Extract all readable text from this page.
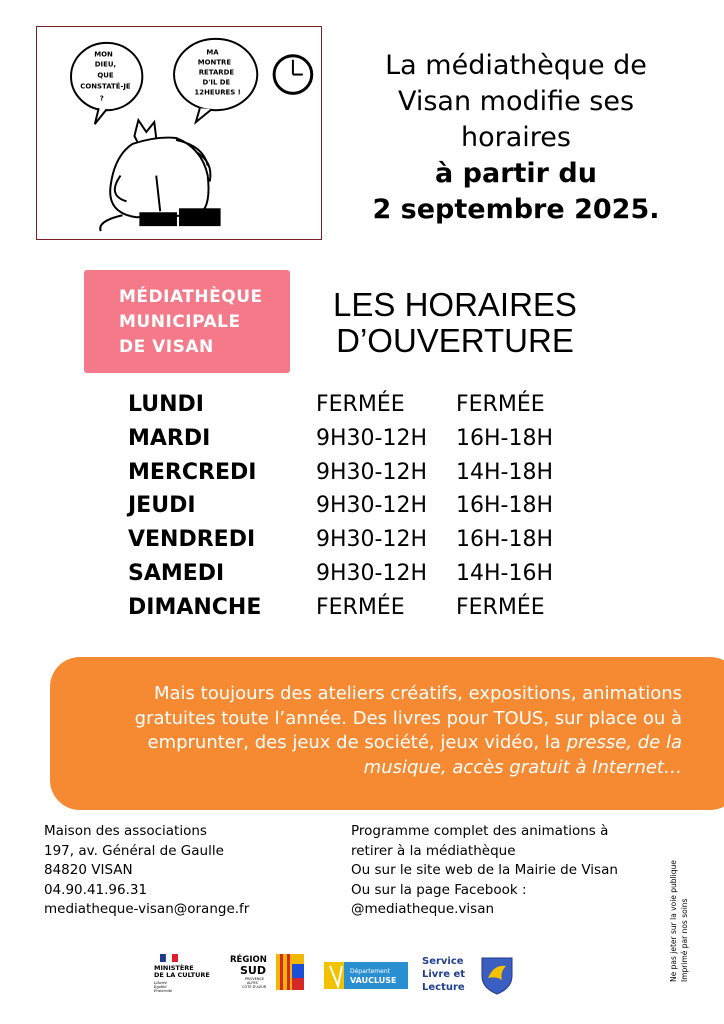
MON DIEU, QUE CONSTATÉ-JE ?
MA MONTRE RETARDE D'IL DE 12HEURES !
La médiathèque de
Visan modifie ses
horaires
à partir du
2 septembre 2025.
MÉDIATHÈQUE
MUNICIPALE
DE VISAN
LES HORAIRES
D’OUVERTURE
LUNDI	FERMÉE FERMÉE
MARDI	9H30-12H 16H-18H
MERCREDI	9H30-12H 14H-18H
JEUDI	9H30-12H 16H-18H
VENDREDI	9H30-12H 16H-18H
SAMEDI	9H30-12H 14H-16H
DIMANCHE FERMÉE FERMÉE
Mais toujours des ateliers créatifs, expositions, animations
gratuites toute l’année. Des livres pour TOUS, sur place ou à
emprunter, des jeux de société, jeux vidéo, la presse, de la
musique, accès gratuit à Internet…
Maison des associations
197, av. Général de Gaulle
84820 VISAN
04.90.41.96.31
mediatheque-visan@orange.fr
Programme complet des animations à
retirer à la médiathèque
Ou sur le site web de la Mairie de Visan
Ou sur la page Facebook :
@mediatheque.visan	Ne pas jeter sur la voie publique Imprimé par nos soins
MINISTÈRE
DE LA CULTURE
Liberté
Égalité
Fraternité
RÉGION
SUD
PROVENCE
ALPES
CÔTE D'AZUR
Département
VAUCLUSE
Service
Livre et
Lecture
